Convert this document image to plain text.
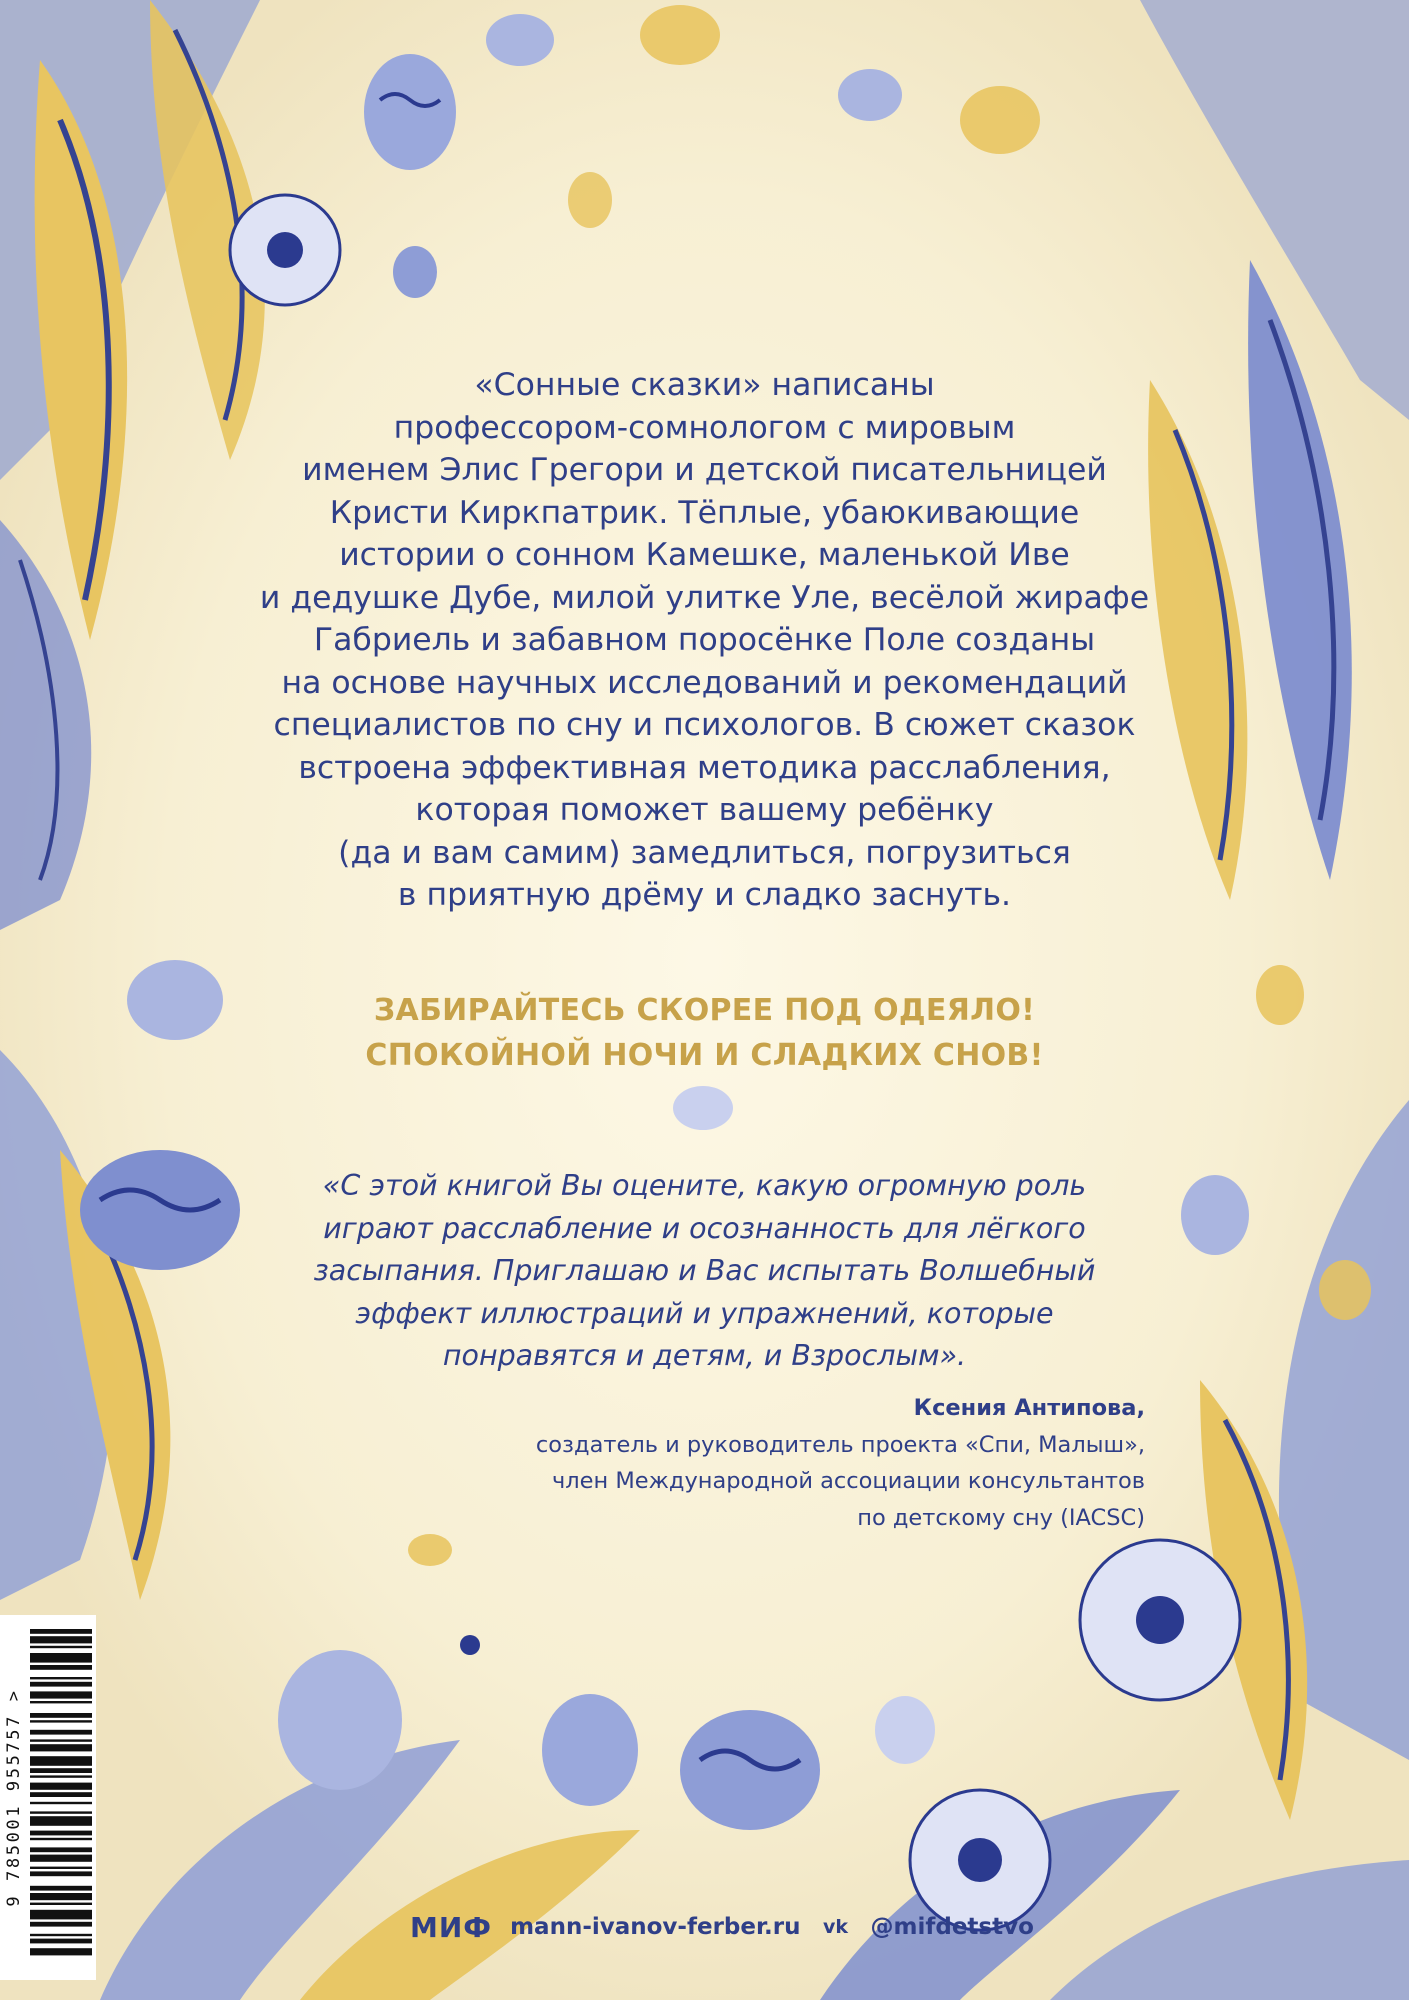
«Сонные сказки» написаны
профессором-сомнологом с мировым
именем Элис Грегори и детской писательницей
Кристи Киркпатрик. Тёплые, убаюкивающие
истории о сонном Камешке, маленькой Иве
и дедушке Дубе, милой улитке Уле, весёлой жирафе
Габриель и забавном поросёнке Поле созданы
на основе научных исследований и рекомендаций
специалистов по сну и психологов. В сюжет сказок
встроена эффективная методика расслабления,
которая поможет вашему ребёнку
(да и вам самим) замедлиться, погрузиться
в приятную дрёму и сладко заснуть.

ЗАБИРАЙТЕСЬ СКОРЕЕ ПОД ОДЕЯЛО!
СПОКОЙНОЙ НОЧИ И СЛАДКИХ СНОВ!

«С этой книгой Вы оцените, какую огромную роль
играют расслабление и осознанность для лёгкого
засыпания. Приглашаю и Вас испытать Волшебный
эффект иллюстраций и упражнений, которые
понравятся и детям, и Взрослым».

Ксения Антипова,
создатель и руководитель проекта «Спи, Малыш»,
член Международной ассоциации консультантов
по детскому сну (IACSC)

МИФ mann-ivanov-ferber.ru vk @mifdetstvo
9 785001 955757 >
